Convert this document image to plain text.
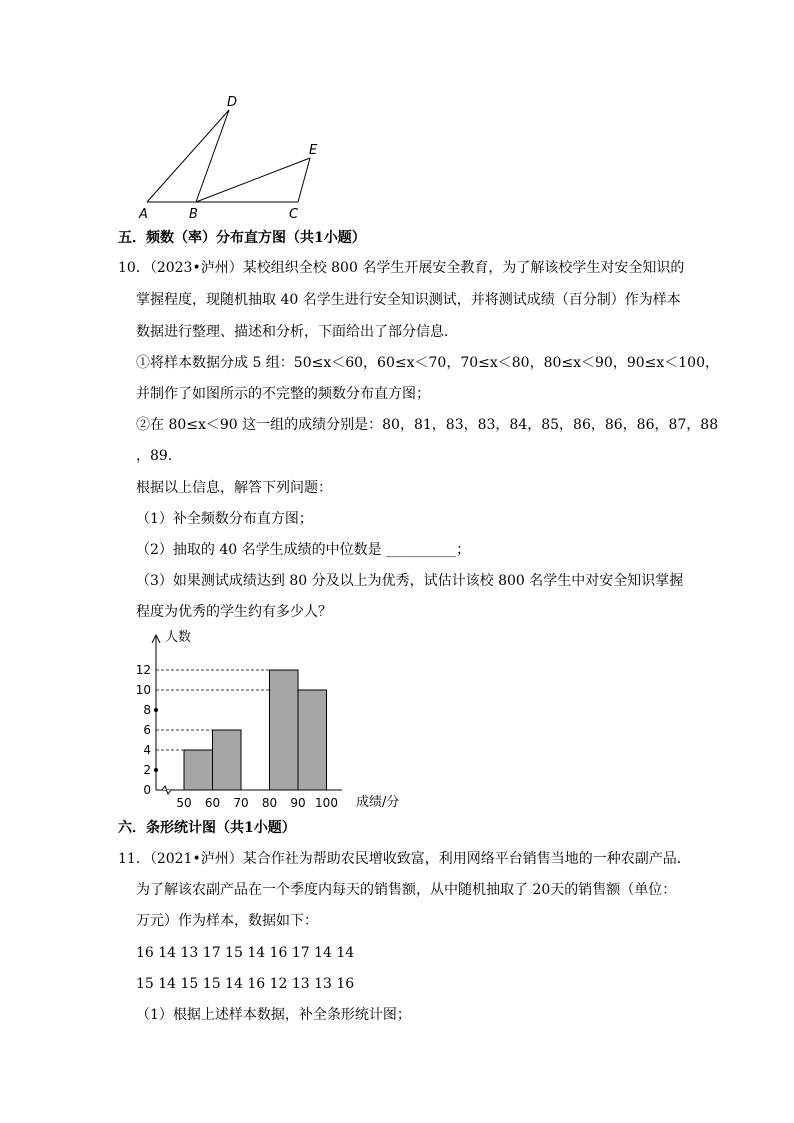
A	B	C
D
E
五．频数（率）分布直方图（共1小题）
10．（2023•泸州）某校组织全校 800 名学生开展安全教育，为了解该校学生对安全知识的
掌握程度，现随机抽取 40 名学生进行安全知识测试，并将测试成绩（百分制）作为样本
数据进行整理、描述和分析，下面给出了部分信息．
①将样本数据分成 5 组：50≤x＜60，60≤x＜70，70≤x＜80，80≤x＜90，90≤x＜100，
并制作了如图所示的不完整的频数分布直方图；
②在 80≤x＜90 这一组的成绩分别是：80，81，83，83，84，85，86，86，86，87，88
，89．
根据以上信息，解答下列问题：
（1）补全频数分布直方图；
（2）抽取的 40 名学生成绩的中位数是 __________；
（3）如果测试成绩达到 80 分及以上为优秀，试估计该校 800 名学生中对安全知识掌握
程度为优秀的学生约有多少人？
人数
成绩/分
0
2
4
6
8
10
12
50 60 70 80 90 100
六．条形统计图（共1小题）
11．（2021•泸州）某合作社为帮助农民增收致富，利用网络平台销售当地的一种农副产品．
为了解该农副产品在一个季度内每天的销售额，从中随机抽取了 20天的销售额（单位：
万元）作为样本，数据如下：
16 14 13 17 15 14 16 17 14 14
15 14 15 15 14 16 12 13 13 16
（1）根据上述样本数据，补全条形统计图；
